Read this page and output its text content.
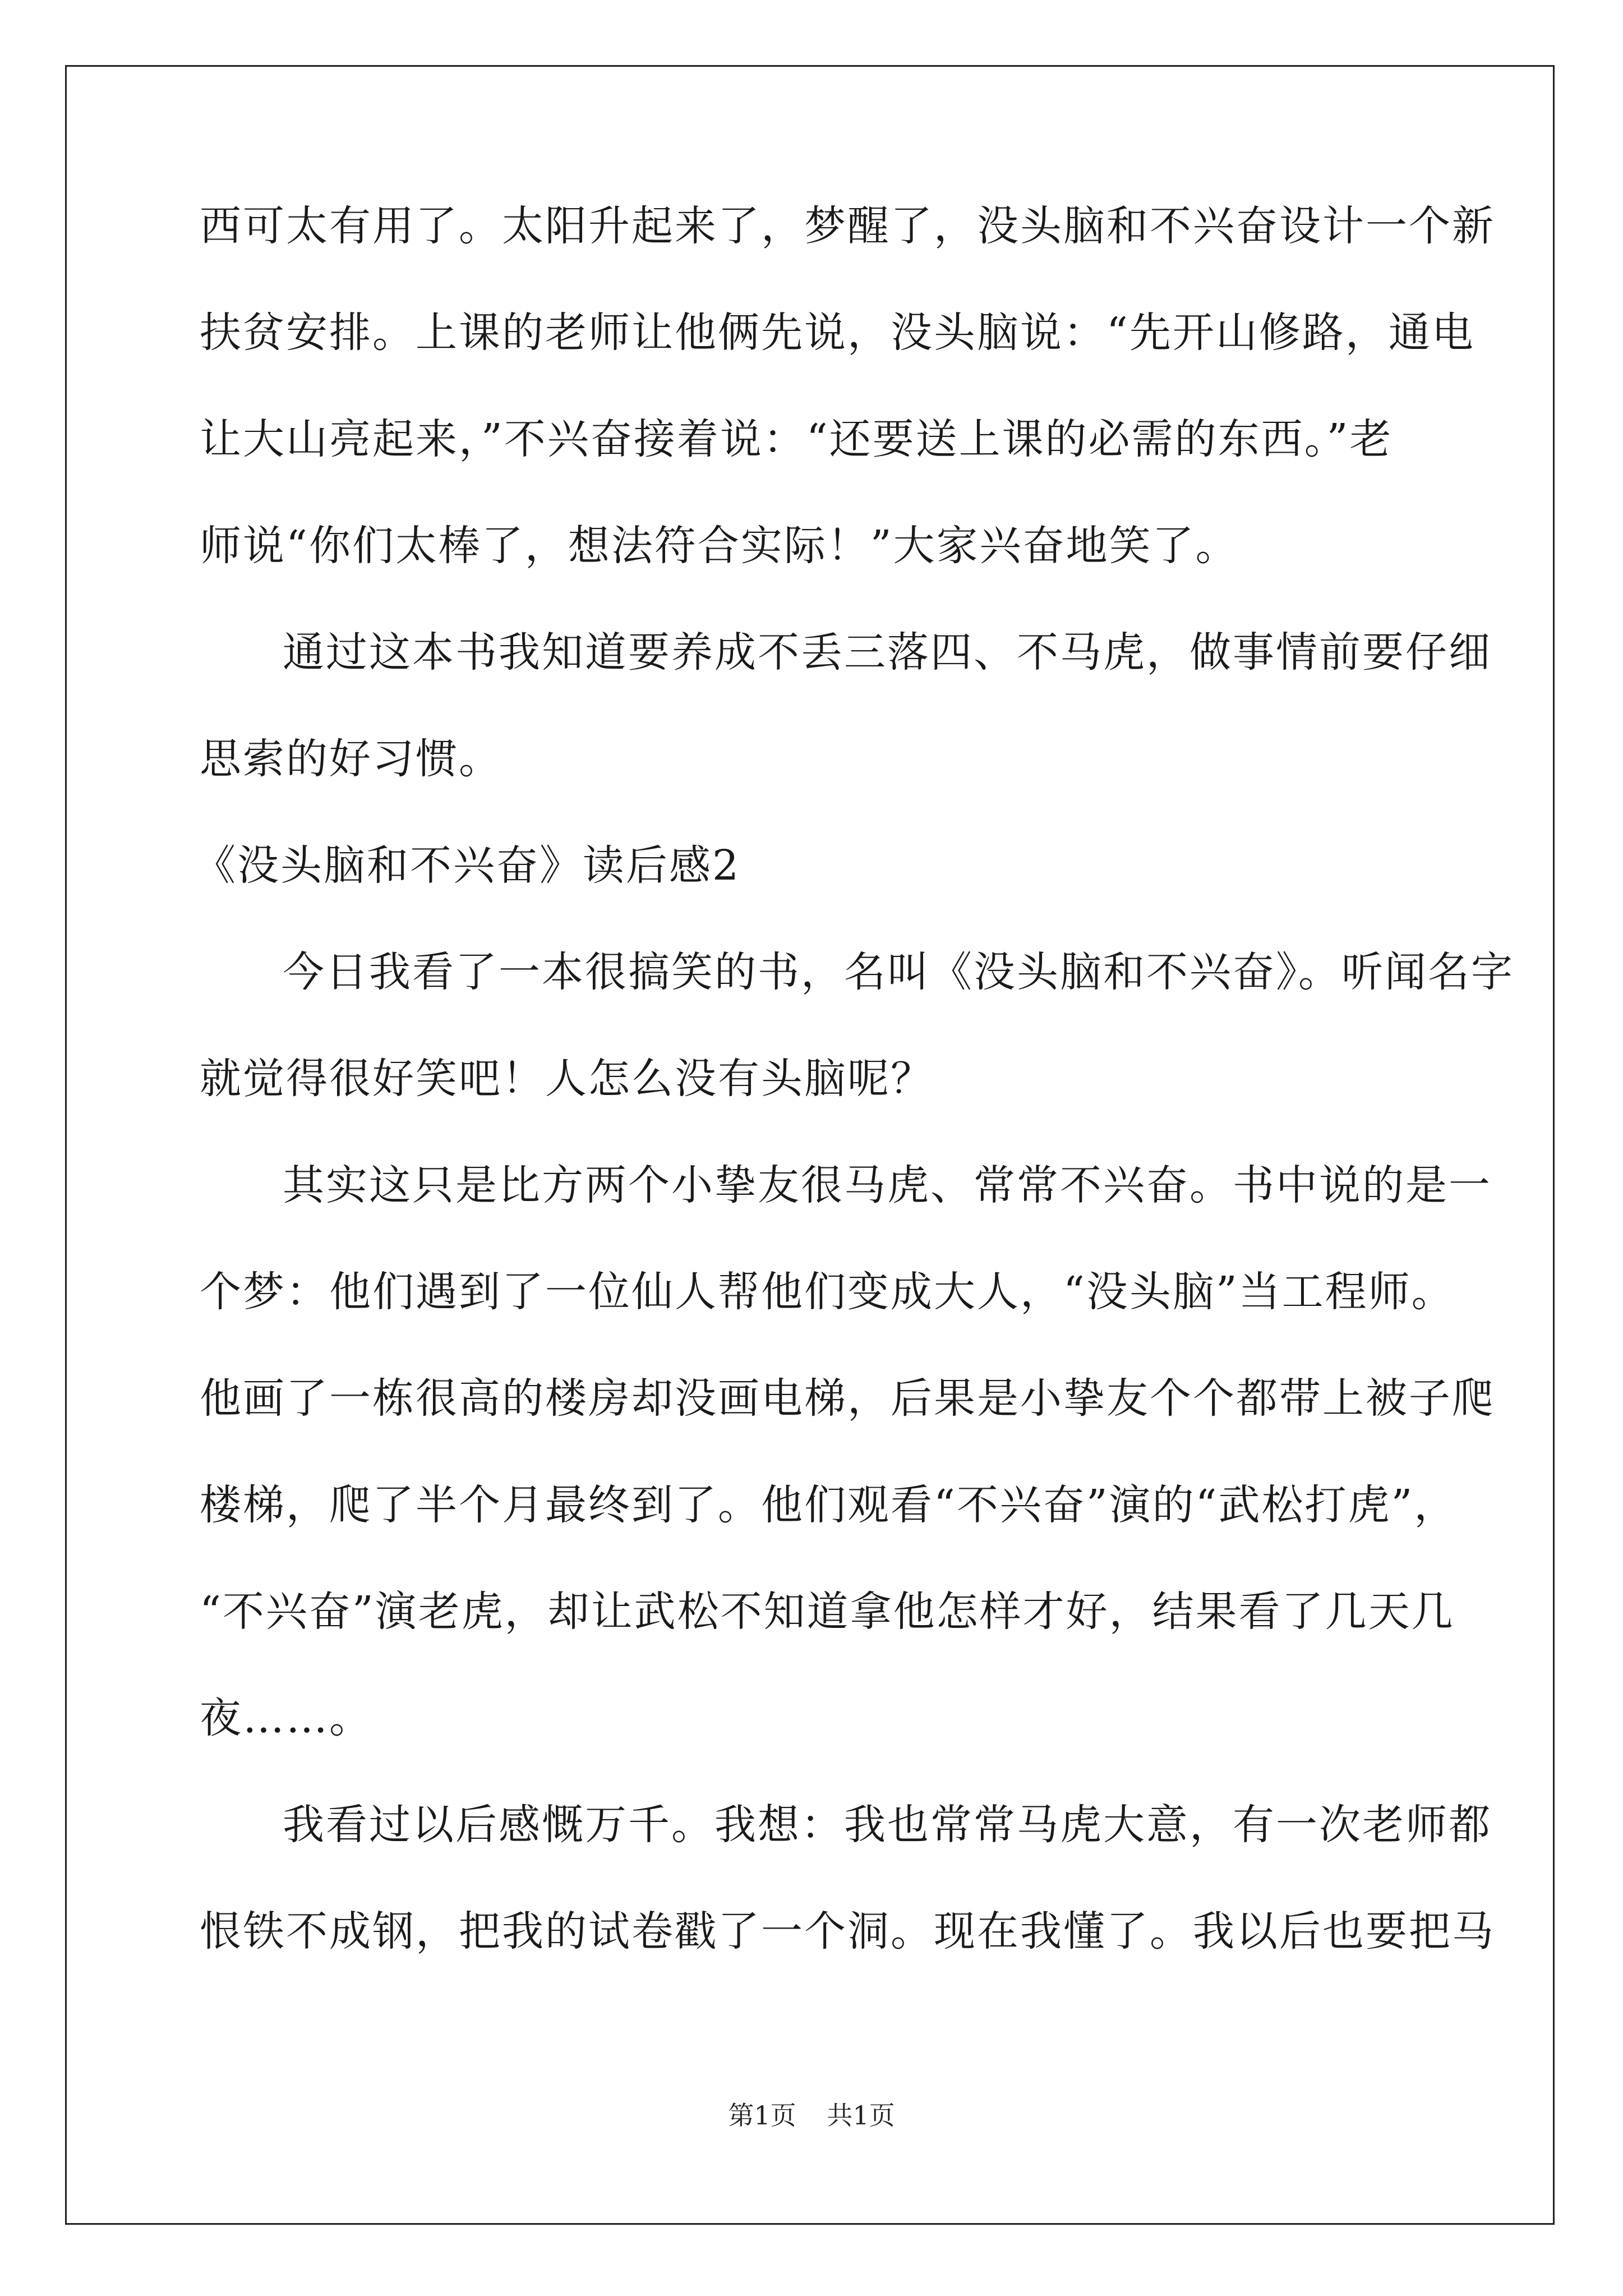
西可太有用了。太阳升起来了，梦醒了，没头脑和不兴奋设计一个新
扶贫安排。上课的老师让他俩先说，没头脑说：“先开山修路，通电
让大山亮起来，”不兴奋接着说：“还要送上课的必需的东西。”老
师说“你们太棒了，想法符合实际！”大家兴奋地笑了。
通过这本书我知道要养成不丢三落四、不马虎，做事情前要仔细
思索的好习惯。
《没头脑和不兴奋》读后感2
今日我看了一本很搞笑的书，名叫《没头脑和不兴奋》。听闻名字
就觉得很好笑吧！人怎么没有头脑呢？
其实这只是比方两个小挚友很马虎、常常不兴奋。书中说的是一
个梦：他们遇到了一位仙人帮他们变成大人，“没头脑”当工程师。
他画了一栋很高的楼房却没画电梯，后果是小挚友个个都带上被子爬
楼梯，爬了半个月最终到了。他们观看“不兴奋”演的“武松打虎”，
“不兴奋”演老虎，却让武松不知道拿他怎样才好，结果看了几天几
夜……。
我看过以后感慨万千。我想：我也常常马虎大意，有一次老师都
恨铁不成钢，把我的试卷戳了一个洞。现在我懂了。我以后也要把马
第1页 共1页
